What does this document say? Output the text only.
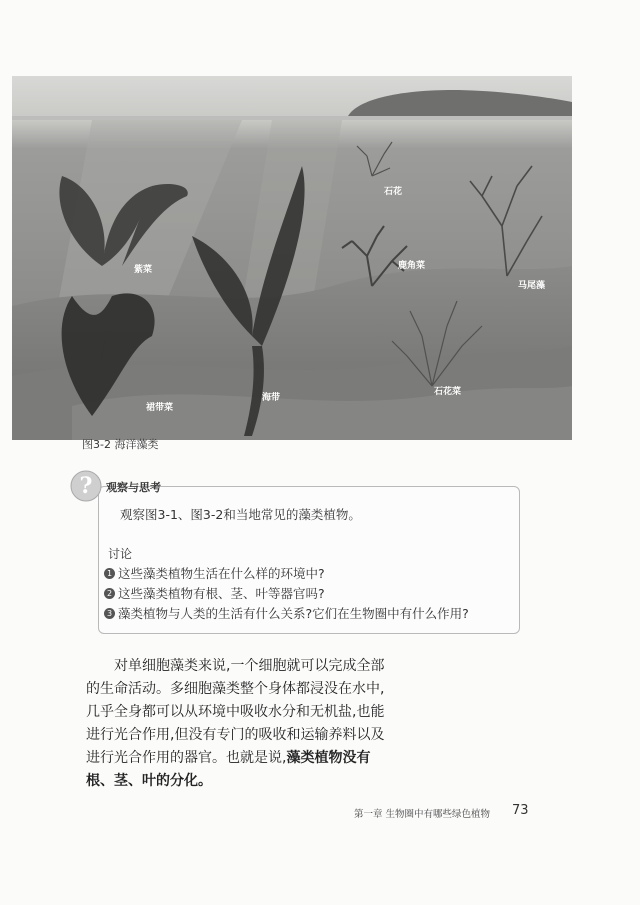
紫菜
裙带菜
海带
石花
鹿角菜
马尾藻
石花菜
图3-2 海洋藻类
? 观察与思考
观察图3-1、图3-2和当地常见的藻类植物。
讨论
1 这些藻类植物生活在什么样的环境中?
2 这些藻类植物有根、茎、叶等器官吗?
3 藻类植物与人类的生活有什么关系?它们在生物圈中有什么作用?

对单细胞藻类来说,一个细胞就可以完成全部

的生命活动。多细胞藻类整个身体都浸没在水中,

几乎全身都可以从环境中吸收水分和无机盐,也能

进行光合作用,但没有专门的吸收和运输养料以及

进行光合作用的器官。也就是说,藻类植物没有

根、茎、叶的分化。

第一章 生物圈中有哪些绿色植物 73
